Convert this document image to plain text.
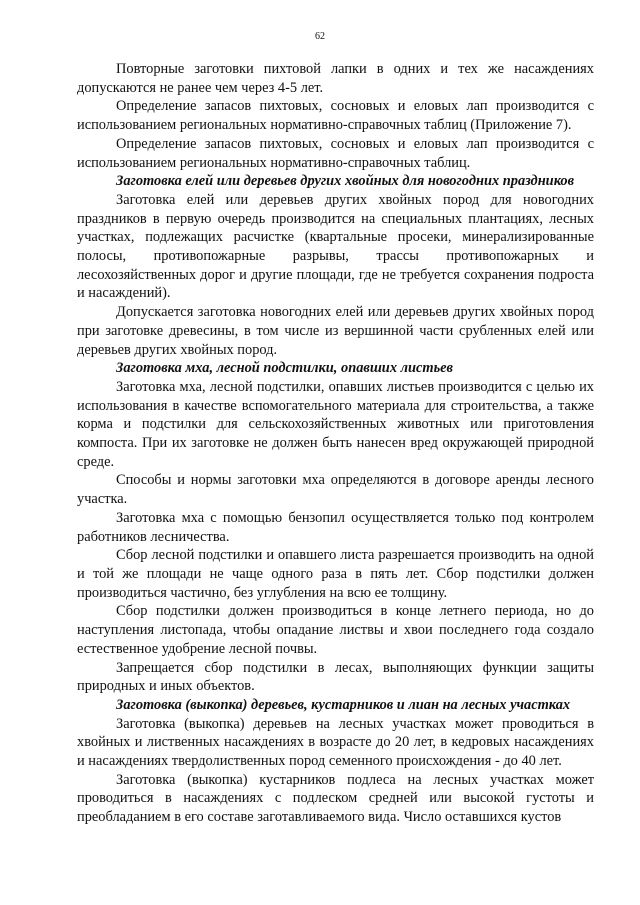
62

Повторные заготовки пихтовой лапки в одних и тех же насаждениях допускаются не ранее чем через 4-5 лет.

Определение запасов пихтовых, сосновых и еловых лап производится с использованием региональных нормативно-справочных таблиц (Приложение 7).

Определение запасов пихтовых, сосновых и еловых лап производится с использованием региональных нормативно-справочных таблиц.

Заготовка елей или деревьев других хвойных для новогодних праздников

Заготовка елей или деревьев других хвойных пород для новогодних праздников в первую очередь производится на специальных плантациях, лесных участках, подлежащих расчистке (квартальные просеки, минерализированные полосы, противопожарные разрывы, трассы противопожарных и лесохозяйственных дорог и другие площади, где не требуется сохранения подроста и насаждений).

Допускается заготовка новогодних елей или деревьев других хвойных пород при заготовке древесины, в том числе из вершинной части срубленных елей или деревьев других хвойных пород.

Заготовка мха, лесной подстилки, опавших листьев

Заготовка мха, лесной подстилки, опавших листьев производится с целью их использования в качестве вспомогательного материала для строительства, а также корма и подстилки для сельскохозяйственных животных или приготовления компоста. При их заготовке не должен быть нанесен вред окружающей природной среде.

Способы и нормы заготовки мха определяются в договоре аренды лесного участка.

Заготовка мха с помощью бензопил осуществляется только под контролем работников лесничества.

Сбор лесной подстилки и опавшего листа разрешается производить на одной и той же площади не чаще одного раза в пять лет. Сбор подстилки должен производиться частично, без углубления на всю ее толщину.

Сбор подстилки должен производиться в конце летнего периода, но до наступления листопада, чтобы опадание листвы и хвои последнего года создало естественное удобрение лесной почвы.

Запрещается сбор подстилки в лесах, выполняющих функции защиты природных и иных объектов.

Заготовка (выкопка) деревьев, кустарников и лиан на лесных участках

Заготовка (выкопка) деревьев на лесных участках может проводиться в хвойных и лиственных насаждениях в возрасте до 20 лет, в кедровых насаждениях и насаждениях твердолиственных пород семенного происхождения - до 40 лет.

Заготовка (выкопка) кустарников подлеса на лесных участках может проводиться в насаждениях с подлеском средней или высокой густоты и преобладанием в его составе заготавливаемого вида. Число оставшихся кустов
